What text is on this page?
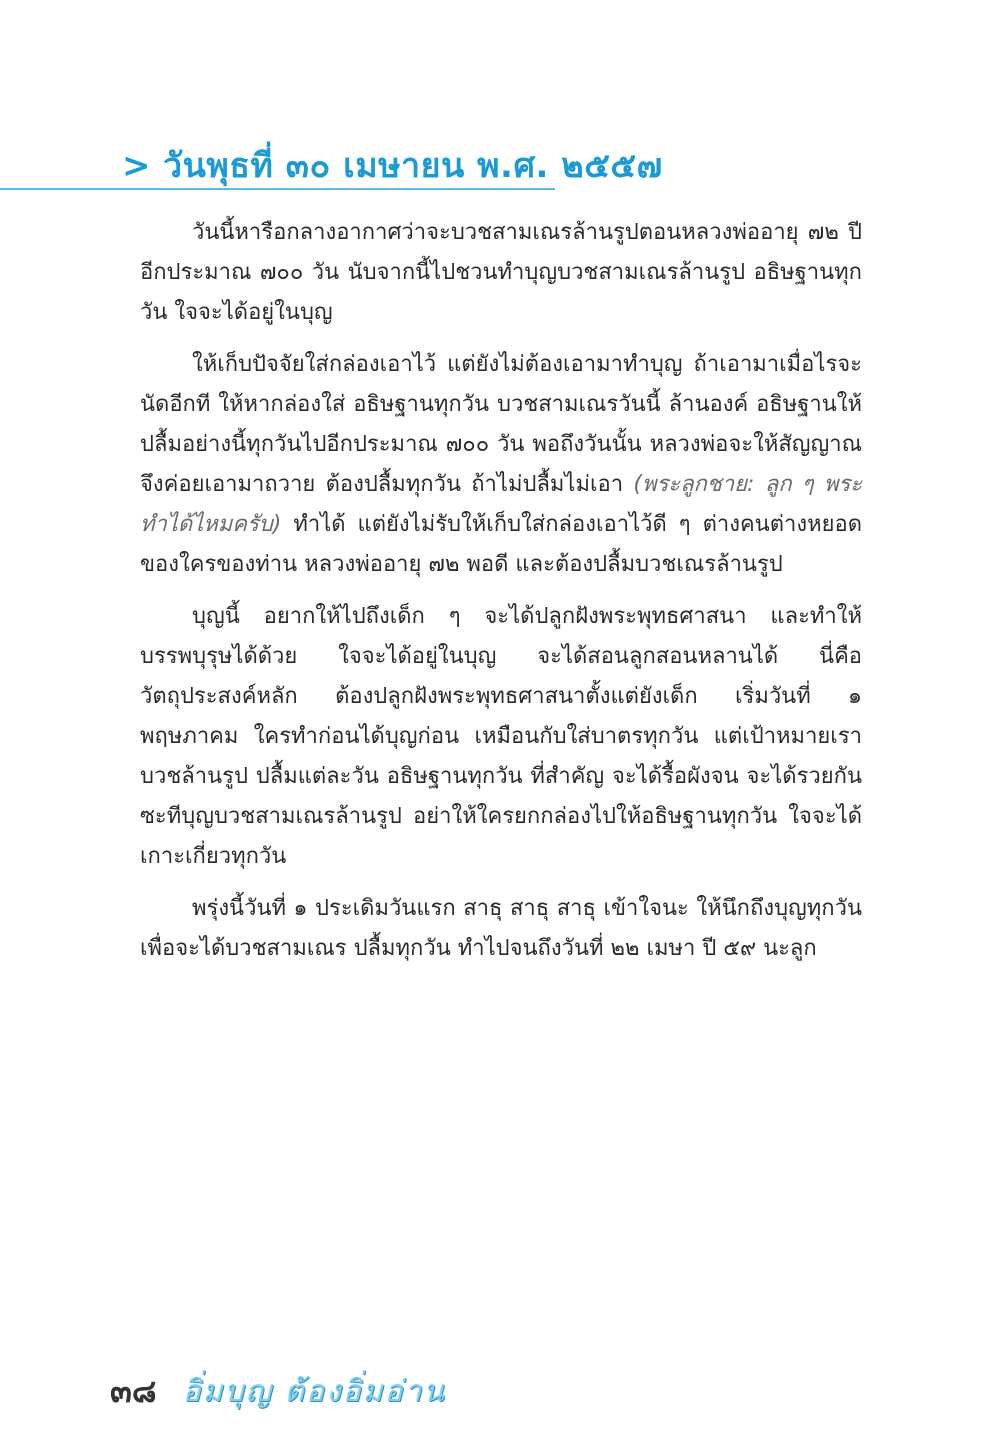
> วันพุธที่ ๓๐ เมษายน พ.ศ. ๒๕๕๗

วันนี้หารือกลางอากาศว่าจะบวชสามเณรล้านรูปตอนหลวงพ่ออายุ ๗๒ ปี อีกประมาณ ๗๐๐ วัน นับจากนี้ไปชวนทำบุญบวชสามเณรล้านรูป อธิษฐานทุกวัน ใจจะได้อยู่ในบุญ

ให้เก็บปัจจัยใส่กล่องเอาไว้ แต่ยังไม่ต้องเอามาทำบุญ ถ้าเอามาเมื่อไรจะนัดอีกที ให้หากล่องใส่ อธิษฐานทุกวัน บวชสามเณรวันนี้ ล้านองค์ อธิษฐานให้ปลื้มอย่างนี้ทุกวันไปอีกประมาณ ๗๐๐ วัน พอถึงวันนั้น หลวงพ่อจะให้สัญญาณ จึงค่อยเอามาถวาย ต้องปลื้มทุกวัน ถ้าไม่ปลื้มไม่เอา (พระลูกชาย: ลูก ๆ พระทำได้ไหมครับ) ทำได้ แต่ยังไม่รับให้เก็บใส่กล่องเอาไว้ดี ๆ ต่างคนต่างหยอด ของใครของท่าน หลวงพ่ออายุ ๗๒ พอดี และต้องปลื้มบวชเณรล้านรูป

บุญนี้ อยากให้ไปถึงเด็ก ๆ จะได้ปลูกฝังพระพุทธศาสนา และทำให้บรรพบุรุษได้ด้วย ใจจะได้อยู่ในบุญ จะได้สอนลูกสอนหลานได้ นี่คือวัตถุประสงค์หลัก ต้องปลูกฝังพระพุทธศาสนาตั้งแต่ยังเด็ก เริ่มวันที่ ๑ พฤษภาคม ใครทำก่อนได้บุญก่อน เหมือนกับใส่บาตรทุกวัน แต่เป้าหมายเรา บวชล้านรูป ปลื้มแต่ละวัน อธิษฐานทุกวัน ที่สำคัญ จะได้รื้อผังจน จะได้รวยกันซะทีบุญบวชสามเณรล้านรูป อย่าให้ใครยกกล่องไปให้อธิษฐานทุกวัน ใจจะได้เกาะเกี่ยวทุกวัน

พรุ่งนี้วันที่ ๑ ประเดิมวันแรก สาธุ สาธุ สาธุ เข้าใจนะ ให้นึกถึงบุญทุกวัน เพื่อจะได้บวชสามเณร ปลื้มทุกวัน ทำไปจนถึงวันที่ ๒๒ เมษา ปี ๕๙ นะลูก

๓๘ อิ่มบุญ ต้องอิ่มอ่าน
